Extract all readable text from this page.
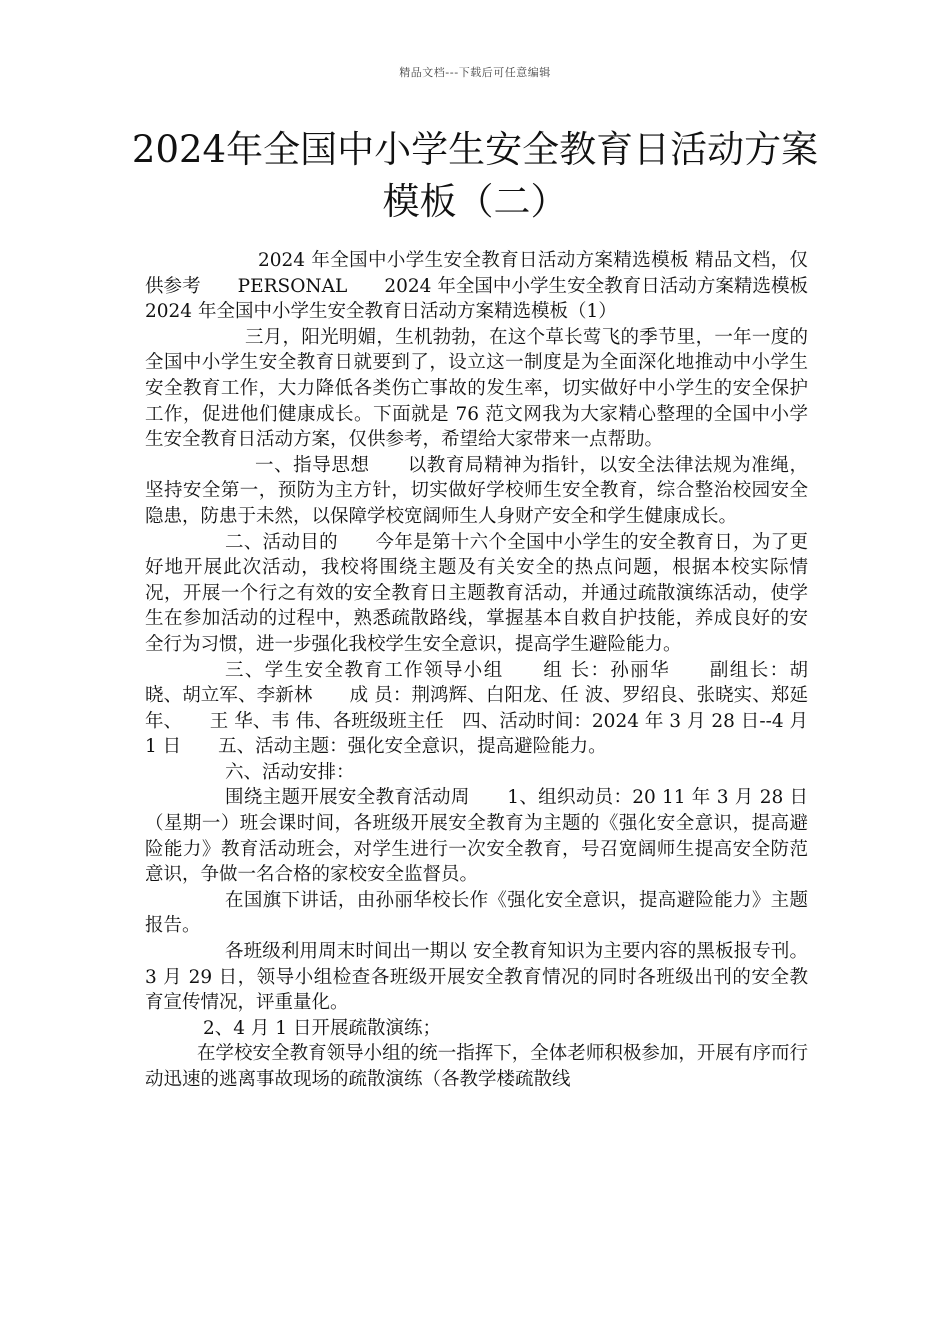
精品文档---下载后可任意编辑
2024年全国中小学生安全教育日活动方案
模板（二）

2024 年全国中小学生安全教育日活动方案精选模板 精品文档，仅供参考　　PERSONAL　　2024 年全国中小学生安全教育日活动方案精选模板 2024 年全国中小学生安全教育日活动方案精选模板（1）

三月，阳光明媚，生机勃勃，在这个草长莺飞的季节里，一年一度的全国中小学生安全教育日就要到了，设立这一制度是为全面深化地推动中小学生安全教育工作，大力降低各类伤亡事故的发生率，切实做好中小学生的安全保护工作，促进他们健康成长。下面就是 76 范文网我为大家精心整理的全国中小学生安全教育日活动方案，仅供参考，希望给大家带来一点帮助。

一、指导思想　　以教育局精神为指针，以安全法律法规为准绳，坚持安全第一，预防为主方针，切实做好学校师生安全教育，综合整治校园安全隐患，防患于未然，以保障学校宽阔师生人身财产安全和学生健康成长。

二、活动目的　　今年是第十六个全国中小学生的安全教育日，为了更好地开展此次活动，我校将围绕主题及有关安全的热点问题，根据本校实际情况，开展一个行之有效的安全教育日主题教育活动，并通过疏散演练活动，使学生在参加活动的过程中，熟悉疏散路线，掌握基本自救自护技能，养成良好的安全行为习惯，进一步强化我校学生安全意识，提高学生避险能力。

三、学生安全教育工作领导小组　　组 长：孙丽华　　副组长：胡 晓、胡立军、李新林　　成 员：荆鸿辉、白阳龙、任 波、罗绍良、张晓实、郑延年、　　王 华、韦 伟、各班级班主任　四、活动时间：2024 年 3 月 28 日--4 月 1 日　　五、活动主题：强化安全意识，提高避险能力。

六、活动安排：

围绕主题开展安全教育活动周　　1、组织动员：20 11 年 3 月 28 日（星期一）班会课时间，各班级开展安全教育为主题的《强化安全意识，提高避险能力》教育活动班会，对学生进行一次安全教育，号召宽阔师生提高安全防范意识，争做一名合格的家校安全监督员。

在国旗下讲话，由孙丽华校长作《强化安全意识，提高避险能力》主题报告。

各班级利用周末时间出一期以 安全教育知识为主要内容的黑板报专刊。3 月 29 日，领导小组检查各班级开展安全教育情况的同时各班级出刊的安全教育宣传情况，评重量化。

2、4 月 1 日开展疏散演练；

在学校安全教育领导小组的统一指挥下，全体老师积极参加，开展有序而行动迅速的逃离事故现场的疏散演练（各教学楼疏散线
